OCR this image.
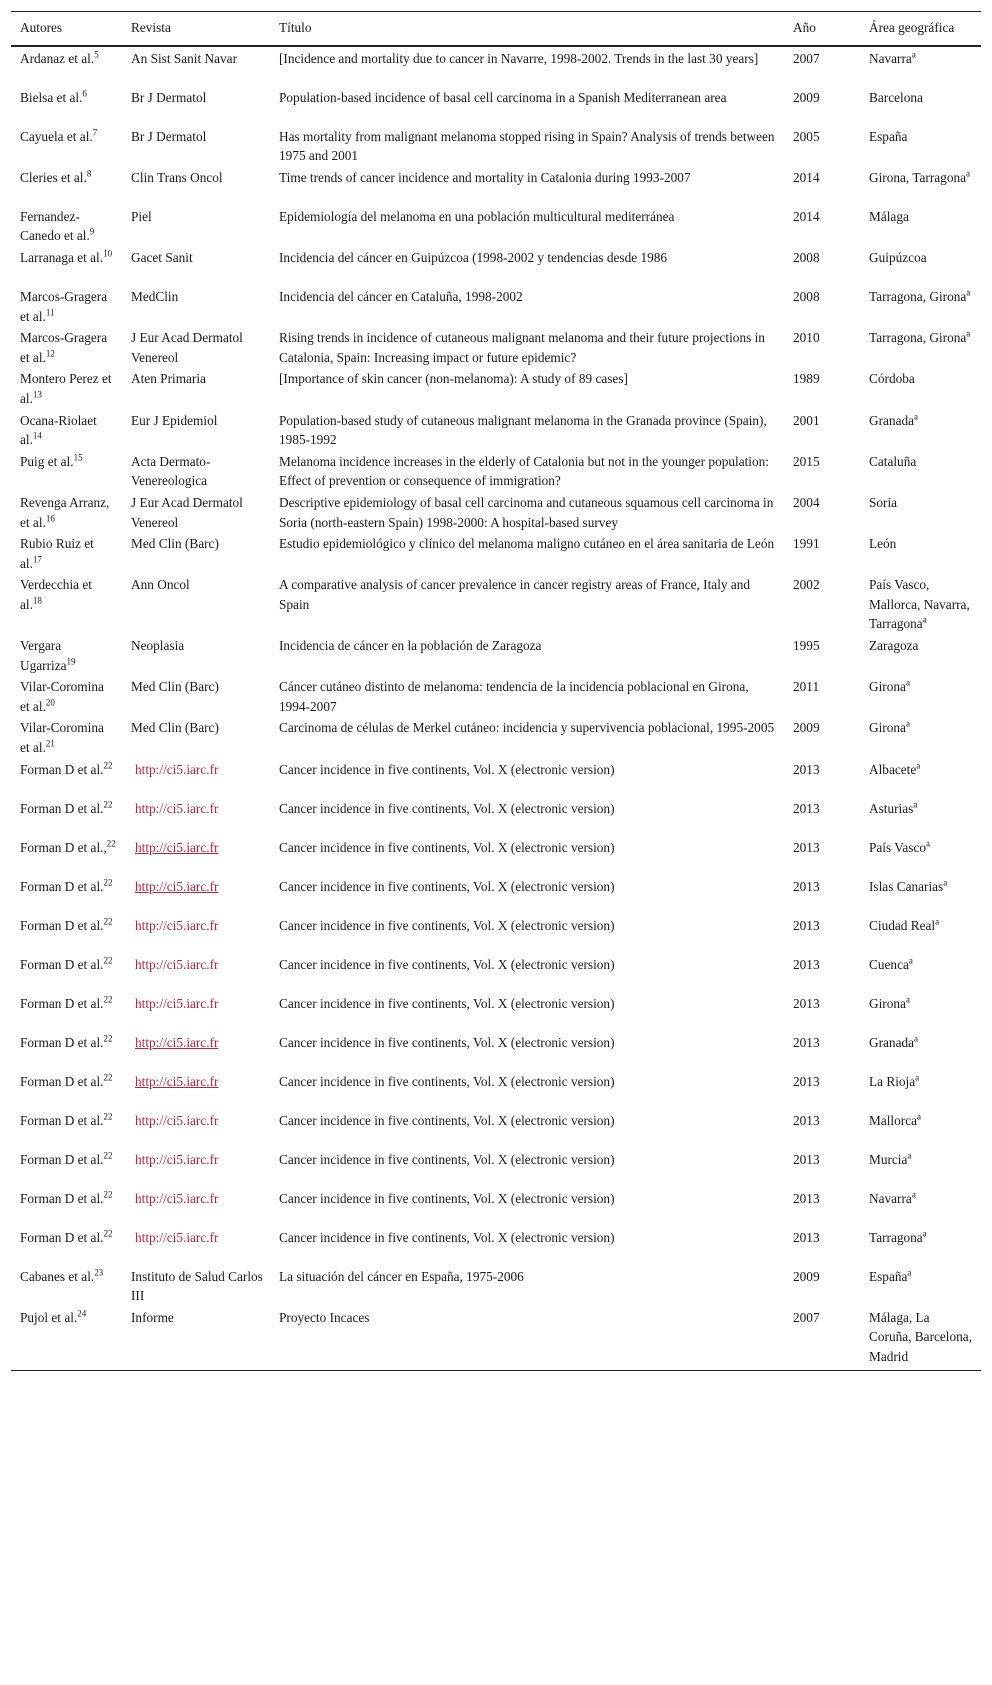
Autores	Revista	Título	Año	Área geográfica
Ardanaz et al.$^5$	An Sist Sanit Navar	[Incidence and mortality due to cancer in Navarre, 1998-2002. Trends in the last 30 years]	2007	Navarra$^a$
Bielsa et al.$^6$	Br J Dermatol	Population-based incidence of basal cell carcinoma in a Spanish Mediterranean area	2009	Barcelona
Cayuela et al.$^7$	Br J Dermatol	Has mortality from malignant melanoma stopped rising in Spain? Analysis of trends between 1975 and 2001	2005	España
Cleries et al.$^8$	Clin Trans Oncol	Time trends of cancer incidence and mortality in Catalonia during 1993-2007	2014	Girona, Tarragona$^a$
Fernandez-Canedo et al.$^9$	Piel	Epidemiología del melanoma en una población multicultural mediterránea	2014	Málaga
Larranaga et al.$^{10}$	Gacet Sanit	Incidencia del cáncer en Guipúzcoa (1998-2002 y tendencias desde 1986	2008	Guipúzcoa
Marcos-Gragera et al.$^{11}$	MedClin	Incidencia del cáncer en Cataluña, 1998-2002	2008	Tarragona, Girona$^a$
Marcos-Gragera et al.$^{12}$	J Eur Acad Dermatol Venereol	Rising trends in incidence of cutaneous malignant melanoma and their future projections in Catalonia, Spain: Increasing impact or future epidemic?	2010	Tarragona, Girona$^a$
Montero Perez et al.$^{13}$	Aten Primaria	[Importance of skin cancer (non-melanoma): A study of 89 cases]	1989	Córdoba
Ocana-Riolaet al.$^{14}$	Eur J Epidemiol	Population-based study of cutaneous malignant melanoma in the Granada province (Spain), 1985-1992	2001	Granada$^a$
Puig et al.$^{15}$	Acta Dermato-Venereologica	Melanoma incidence increases in the elderly of Catalonia but not in the younger population: Effect of prevention or consequence of immigration?	2015	Cataluña
Revenga Arranz, et al.$^{16}$	J Eur Acad Dermatol Venereol	Descriptive epidemiology of basal cell carcinoma and cutaneous squamous cell carcinoma in Soria (north-eastern Spain) 1998-2000: A hospital-based survey	2004	Soria
Rubio Ruiz et al.$^{17}$	Med Clin (Barc)	Estudio epidemiológico y clínico del melanoma maligno cutáneo en el área sanitaria de León	1991	León
Verdecchia et al.$^{18}$	Ann Oncol	A comparative analysis of cancer prevalence in cancer registry areas of France, Italy and Spain	2002	País Vasco, Mallorca, Navarra, Tarragona$^a$
Vergara Ugarriza$^{19}$	Neoplasia	Incidencia de cáncer en la población de Zaragoza	1995	Zaragoza
Vilar-Coromina et al.$^{20}$	Med Clin (Barc)	Cáncer cutáneo distinto de melanoma: tendencia de la incidencia poblacional en Girona, 1994-2007	2011	Girona$^a$
Vilar-Coromina et al.$^{21}$	Med Clin (Barc)	Carcinoma de células de Merkel cutáneo: incidencia y supervivencia poblacional, 1995-2005	2009	Girona$^a$
Forman D et al.$^{22}$	http://ci5.iarc.fr	Cancer incidence in five continents, Vol. X (electronic version)	2013	Albacete$^a$
Forman D et al.$^{22}$	http://ci5.iarc.fr	Cancer incidence in five continents, Vol. X (electronic version)	2013	Asturias$^a$
Forman D et al.,$^{22}$	http://ci5.iarc.fr	Cancer incidence in five continents, Vol. X (electronic version)	2013	País Vasco$^a$
Forman D et al.$^{22}$	http://ci5.iarc.fr	Cancer incidence in five continents, Vol. X (electronic version)	2013	Islas Canarias$^a$
Forman D et al.$^{22}$	http://ci5.iarc.fr	Cancer incidence in five continents, Vol. X (electronic version)	2013	Ciudad Real$^a$
Forman D et al.$^{22}$	http://ci5.iarc.fr	Cancer incidence in five continents, Vol. X (electronic version)	2013	Cuenca$^a$
Forman D et al.$^{22}$	http://ci5.iarc.fr	Cancer incidence in five continents, Vol. X (electronic version)	2013	Girona$^a$
Forman D et al.$^{22}$	http://ci5.iarc.fr	Cancer incidence in five continents, Vol. X (electronic version)	2013	Granada$^a$
Forman D et al.$^{22}$	http://ci5.iarc.fr	Cancer incidence in five continents, Vol. X (electronic version)	2013	La Rioja$^a$
Forman D et al.$^{22}$	http://ci5.iarc.fr	Cancer incidence in five continents, Vol. X (electronic version)	2013	Mallorca$^a$
Forman D et al.$^{22}$	http://ci5.iarc.fr	Cancer incidence in five continents, Vol. X (electronic version)	2013	Murcia$^a$
Forman D et al.$^{22}$	http://ci5.iarc.fr	Cancer incidence in five continents, Vol. X (electronic version)	2013	Navarra$^a$
Forman D et al.$^{22}$	http://ci5.iarc.fr	Cancer incidence in five continents, Vol. X (electronic version)	2013	Tarragona$^a$
Cabanes et al.$^{23}$	Instituto de Salud Carlos III	La situación del cáncer en España, 1975-2006	2009	España$^a$
Pujol et al.$^{24}$	Informe	Proyecto Incaces	2007	Málaga, La Coruña, Barcelona, Madrid
